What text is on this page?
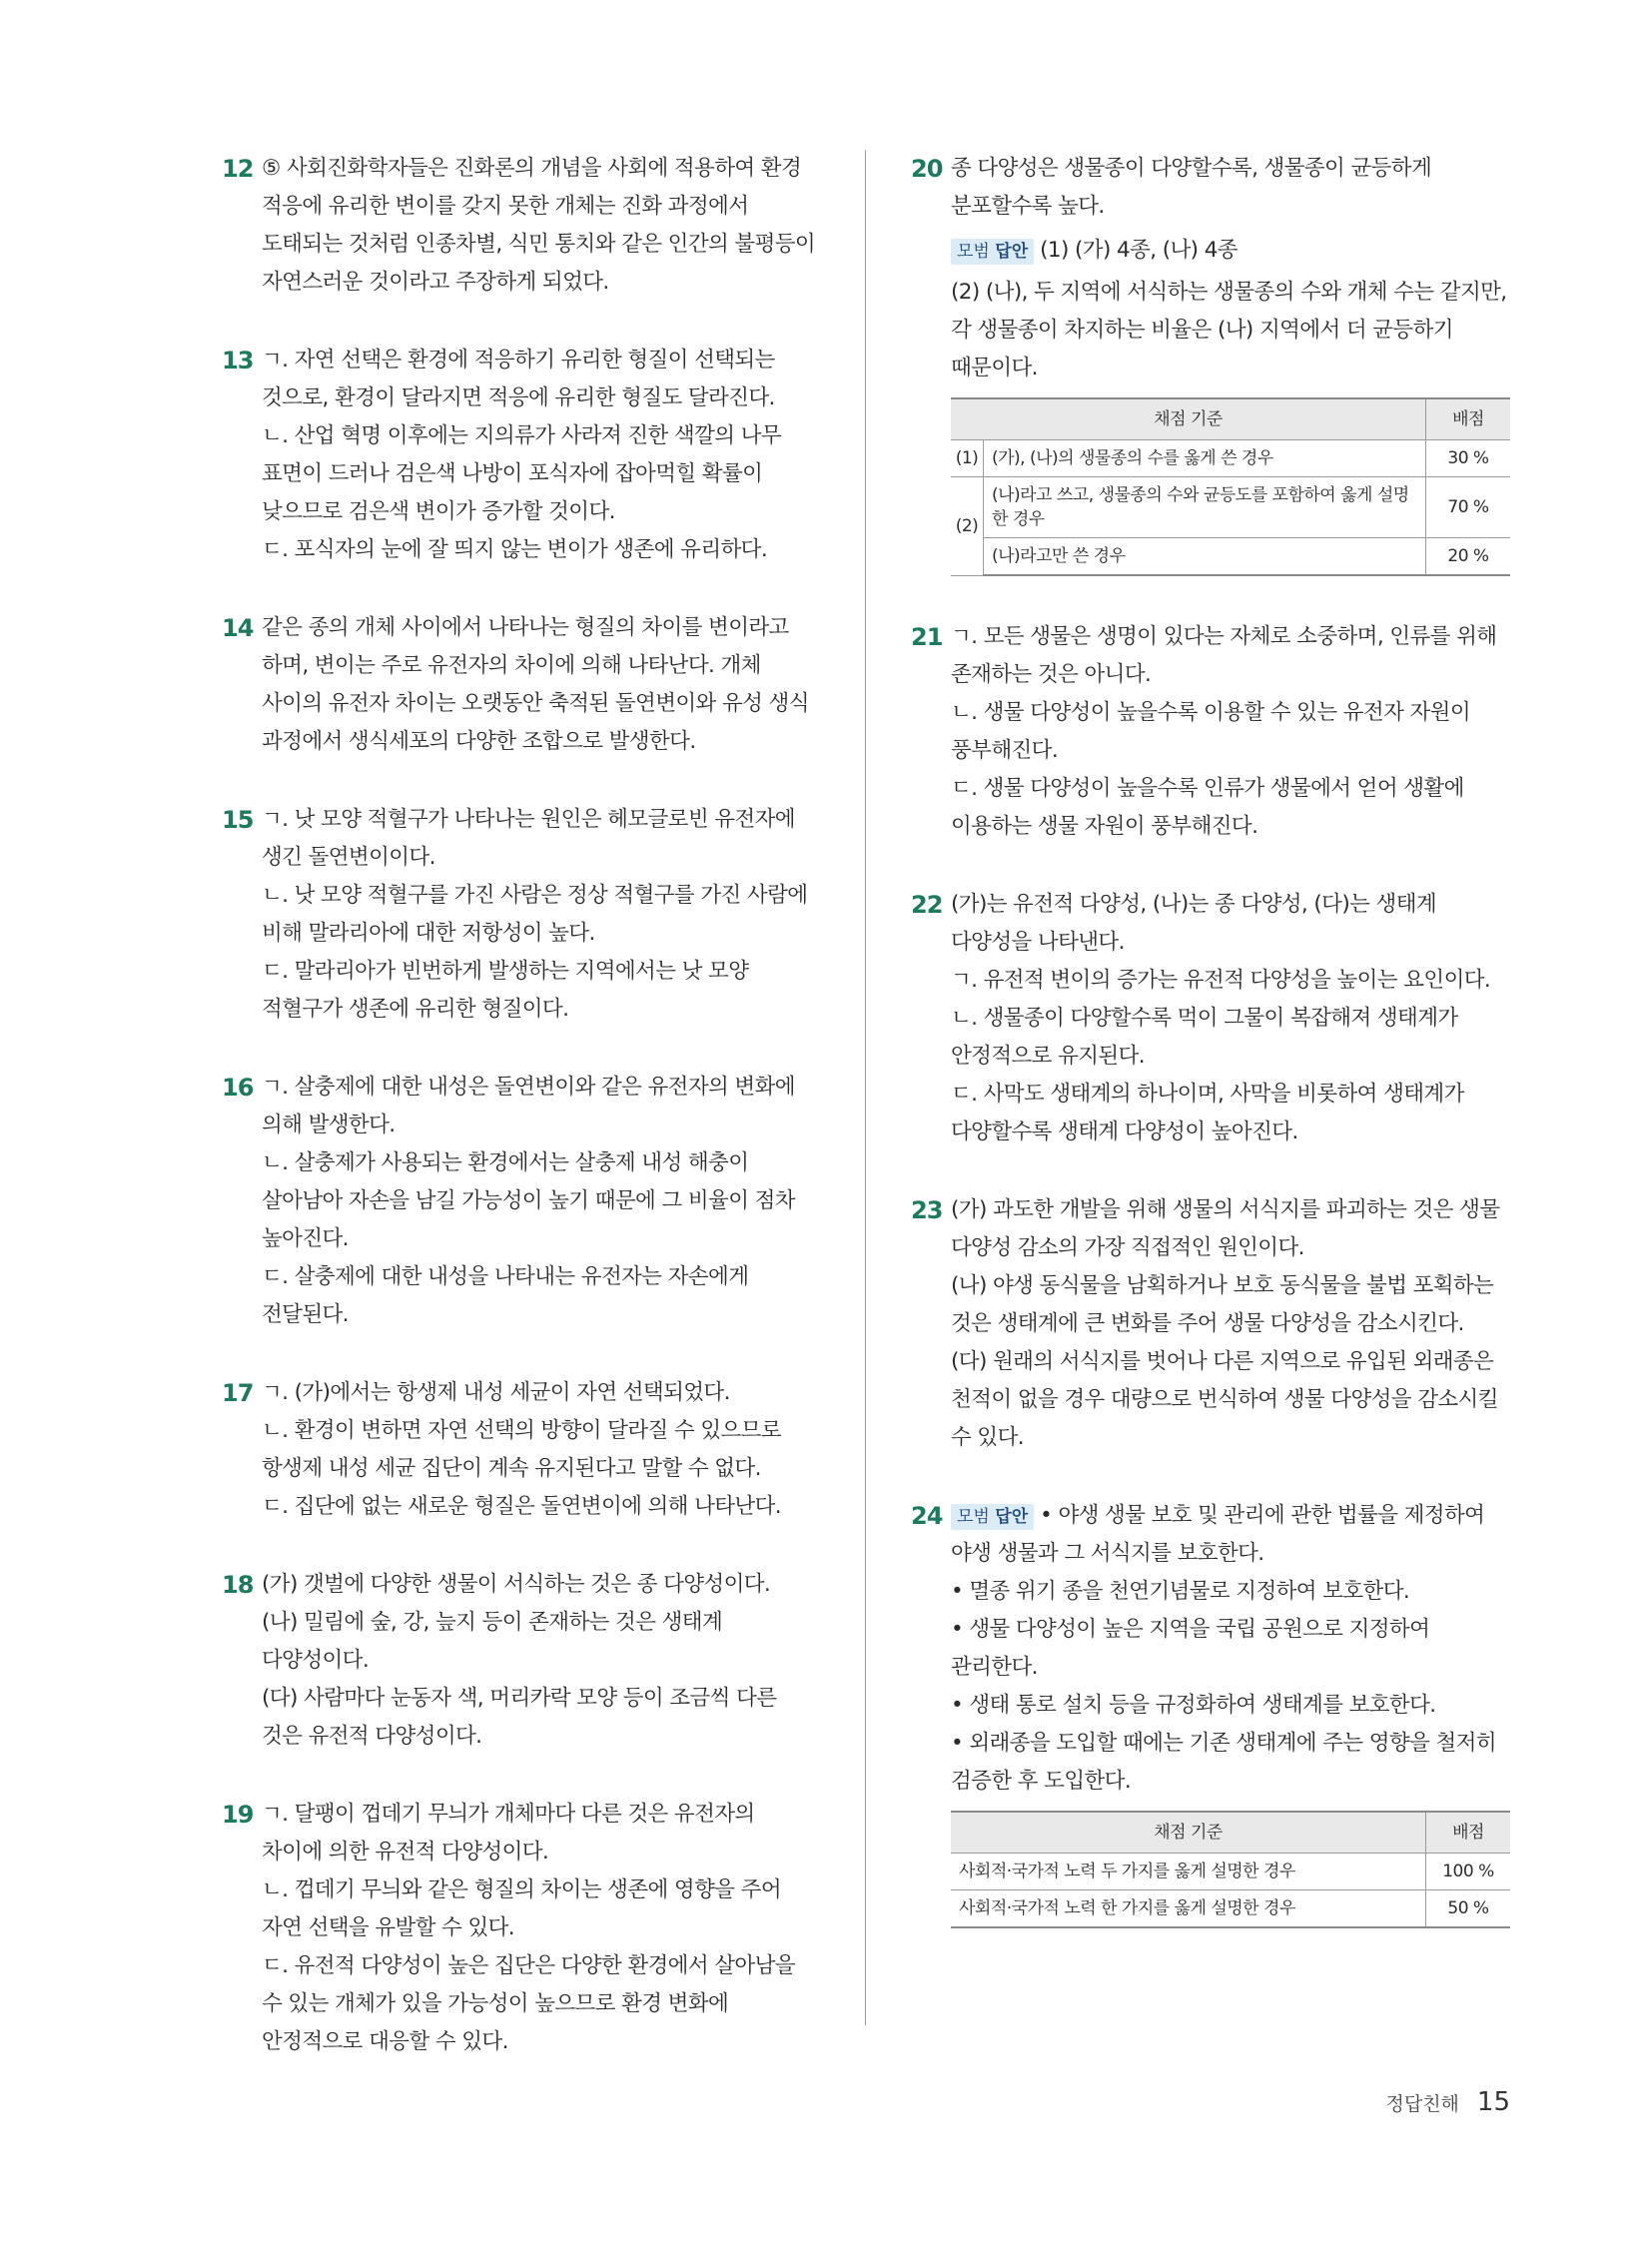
12 ⑤ 사회진화학자들은 진화론의 개념을 사회에 적용하여 환경 적응에 유리한 변이를 갖지 못한 개체는 진화 과정에서 도태되는 것처럼 인종차별, 식민 통치와 같은 인간의 불평등이 자연스러운 것이라고 주장하게 되었다.

13 ㄱ. 자연 선택은 환경에 적응하기 유리한 형질이 선택되는 것으로, 환경이 달라지면 적응에 유리한 형질도 달라진다.

ㄴ. 산업 혁명 이후에는 지의류가 사라져 진한 색깔의 나무 표면이 드러나 검은색 나방이 포식자에 잡아먹힐 확률이 낮으므로 검은색 변이가 증가할 것이다.

ㄷ. 포식자의 눈에 잘 띄지 않는 변이가 생존에 유리하다.

14 같은 종의 개체 사이에서 나타나는 형질의 차이를 변이라고 하며, 변이는 주로 유전자의 차이에 의해 나타난다. 개체 사이의 유전자 차이는 오랫동안 축적된 돌연변이와 유성 생식 과정에서 생식세포의 다양한 조합으로 발생한다.

15 ㄱ. 낫 모양 적혈구가 나타나는 원인은 헤모글로빈 유전자에 생긴 돌연변이이다.

ㄴ. 낫 모양 적혈구를 가진 사람은 정상 적혈구를 가진 사람에 비해 말라리아에 대한 저항성이 높다.

ㄷ. 말라리아가 빈번하게 발생하는 지역에서는 낫 모양 적혈구가 생존에 유리한 형질이다.

16 ㄱ. 살충제에 대한 내성은 돌연변이와 같은 유전자의 변화에 의해 발생한다.

ㄴ. 살충제가 사용되는 환경에서는 살충제 내성 해충이 살아남아 자손을 남길 가능성이 높기 때문에 그 비율이 점차 높아진다.

ㄷ. 살충제에 대한 내성을 나타내는 유전자는 자손에게 전달된다.

17 ㄱ. (가)에서는 항생제 내성 세균이 자연 선택되었다.

ㄴ. 환경이 변하면 자연 선택의 방향이 달라질 수 있으므로 항생제 내성 세균 집단이 계속 유지된다고 말할 수 없다.

ㄷ. 집단에 없는 새로운 형질은 돌연변이에 의해 나타난다.

18 (가) 갯벌에 다양한 생물이 서식하는 것은 종 다양성이다.

(나) 밀림에 숲, 강, 늪지 등이 존재하는 것은 생태계 다양성이다.

(다) 사람마다 눈동자 색, 머리카락 모양 등이 조금씩 다른 것은 유전적 다양성이다.

19 ㄱ. 달팽이 껍데기 무늬가 개체마다 다른 것은 유전자의 차이에 의한 유전적 다양성이다.

ㄴ. 껍데기 무늬와 같은 형질의 차이는 생존에 영향을 주어 자연 선택을 유발할 수 있다.

ㄷ. 유전적 다양성이 높은 집단은 다양한 환경에서 살아남을 수 있는 개체가 있을 가능성이 높으므로 환경 변화에 안정적으로 대응할 수 있다.

20 종 다양성은 생물종이 다양할수록, 생물종이 균등하게 분포할수록 높다.

모범 답안 (1) (가) 4종, (나) 4종

(2) (나), 두 지역에 서식하는 생물종의 수와 개체 수는 같지만, 각 생물종이 차지하는 비율은 (나) 지역에서 더 균등하기 때문이다.

채점 기준		배점
(1)	(가), (나)의 생물종의 수를 옳게 쓴 경우	30 %
(2)	(나)라고 쓰고, 생물종의 수와 균등도를 포함하여 옳게 설명한 경우	70 %
	(나)라고만 쓴 경우	20 %
21 ㄱ. 모든 생물은 생명이 있다는 자체로 소중하며, 인류를 위해 존재하는 것은 아니다.

ㄴ. 생물 다양성이 높을수록 이용할 수 있는 유전자 자원이 풍부해진다.

ㄷ. 생물 다양성이 높을수록 인류가 생물에서 얻어 생활에 이용하는 생물 자원이 풍부해진다.

22 (가)는 유전적 다양성, (나)는 종 다양성, (다)는 생태계 다양성을 나타낸다.

ㄱ. 유전적 변이의 증가는 유전적 다양성을 높이는 요인이다.

ㄴ. 생물종이 다양할수록 먹이 그물이 복잡해져 생태계가 안정적으로 유지된다.

ㄷ. 사막도 생태계의 하나이며, 사막을 비롯하여 생태계가 다양할수록 생태계 다양성이 높아진다.

23 (가) 과도한 개발을 위해 생물의 서식지를 파괴하는 것은 생물 다양성 감소의 가장 직접적인 원인이다.

(나) 야생 동식물을 남획하거나 보호 동식물을 불법 포획하는 것은 생태계에 큰 변화를 주어 생물 다양성을 감소시킨다.

(다) 원래의 서식지를 벗어나 다른 지역으로 유입된 외래종은 천적이 없을 경우 대량으로 번식하여 생물 다양성을 감소시킬 수 있다.

24 모범 답안 • 야생 생물 보호 및 관리에 관한 법률을 제정하여 야생 생물과 그 서식지를 보호한다.

• 멸종 위기 종을 천연기념물로 지정하여 보호한다.

• 생물 다양성이 높은 지역을 국립 공원으로 지정하여 관리한다.

• 생태 통로 설치 등을 규정화하여 생태계를 보호한다.

• 외래종을 도입할 때에는 기존 생태계에 주는 영향을 철저히 검증한 후 도입한다.

채점 기준	배점
사회적·국가적 노력 두 가지를 옳게 설명한 경우	100 %
사회적·국가적 노력 한 가지를 옳게 설명한 경우	50 %
정답친해 15
